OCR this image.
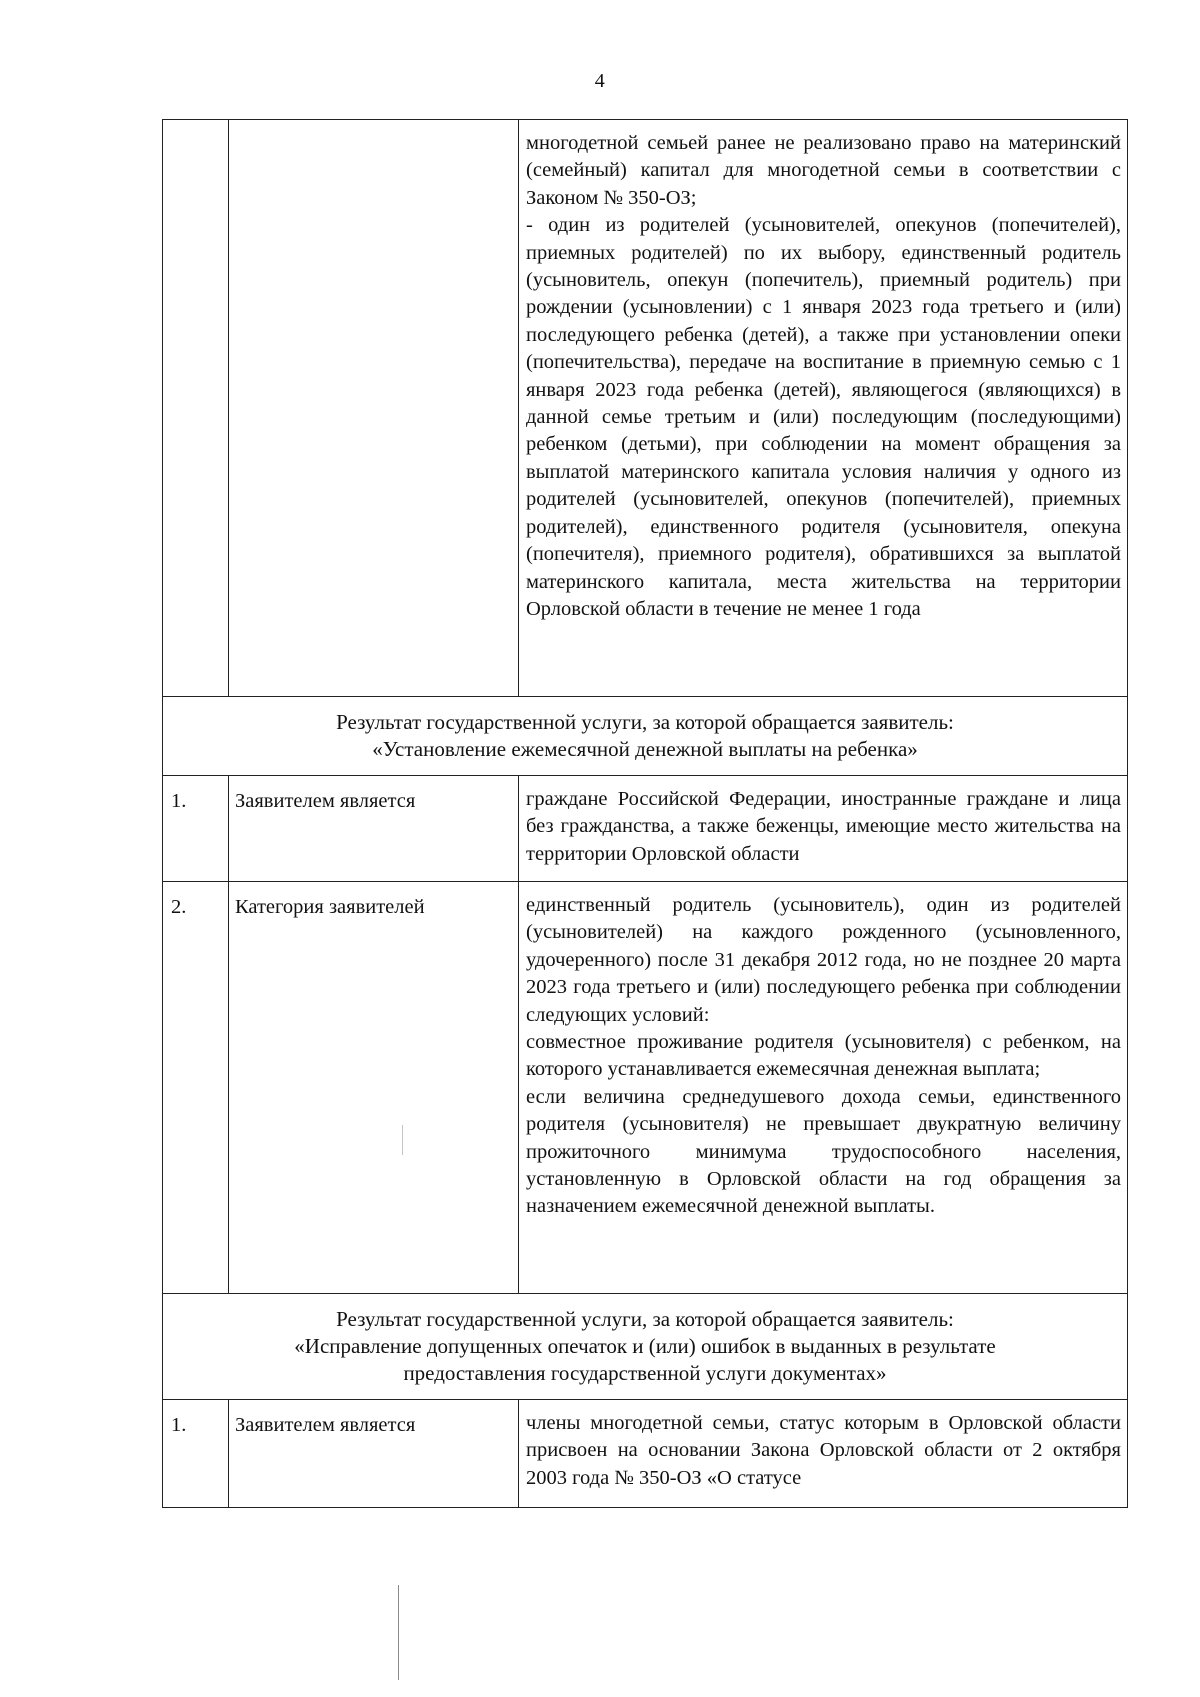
4

		многодетной семьей ранее не реализовано право на материнский (семейный) капитал для многодетной семьи в соответствии с Законом № 350-ОЗ;

- один из родителей (усыновителей, опекунов (попечителей), приемных родителей) по их выбору, единственный родитель (усыновитель, опекун (попечитель), приемный родитель) при рождении (усыновлении) с 1 января 2023 года третьего и (или) последующего ребенка (детей), а также при установлении опеки (попечительства), передаче на воспитание в приемную семью с 1 января 2023 года ребенка (детей), являющегося (являющихся) в данной семье третьим и (или) последующим (последующими) ребенком (детьми), при соблюдении на момент обращения за выплатой материнского капитала условия наличия у одного из родителей (усыновителей, опекунов (попечителей), приемных родителей), единственного родителя (усыновителя, опекуна (попечителя), приемного родителя), обратившихся за выплатой материнского капитала, места жительства на территории Орловской области в течение не менее 1 года

Результат государственной услуги, за которой обращается заявитель:
«Установление ежемесячной денежной выплаты на ребенка»		

1.	Заявителем является	граждане Российской Федерации, иностранные граждане и лица без гражданства, а также беженцы, имеющие место жительства на территории Орловской области

2.	Категория заявителей	единственный родитель (усыновитель), один из родителей (усыновителей) на каждого рожденного (усыновленного, удочеренного) после 31 декабря 2012 года, но не позднее 20 марта 2023 года третьего и (или) последующего ребенка при соблюдении следующих условий:

совместное проживание родителя (усыновителя) с ребенком, на которого устанавливается ежемесячная денежная выплата;

если величина среднедушевого дохода семьи, единственного родителя (усыновителя) не превышает двукратную величину прожиточного минимума трудоспособного населения, установленную в Орловской области на год обращения за назначением ежемесячной денежной выплаты.

Результат государственной услуги, за которой обращается заявитель:
«Исправление допущенных опечаток и (или) ошибок в выданных в результате
предоставления государственной услуги документах»		

1.	Заявителем является	члены многодетной семьи, статус которым в Орловской области присвоен на основании Закона Орловской области от 2 октября 2003 года № 350-ОЗ «О статусе
